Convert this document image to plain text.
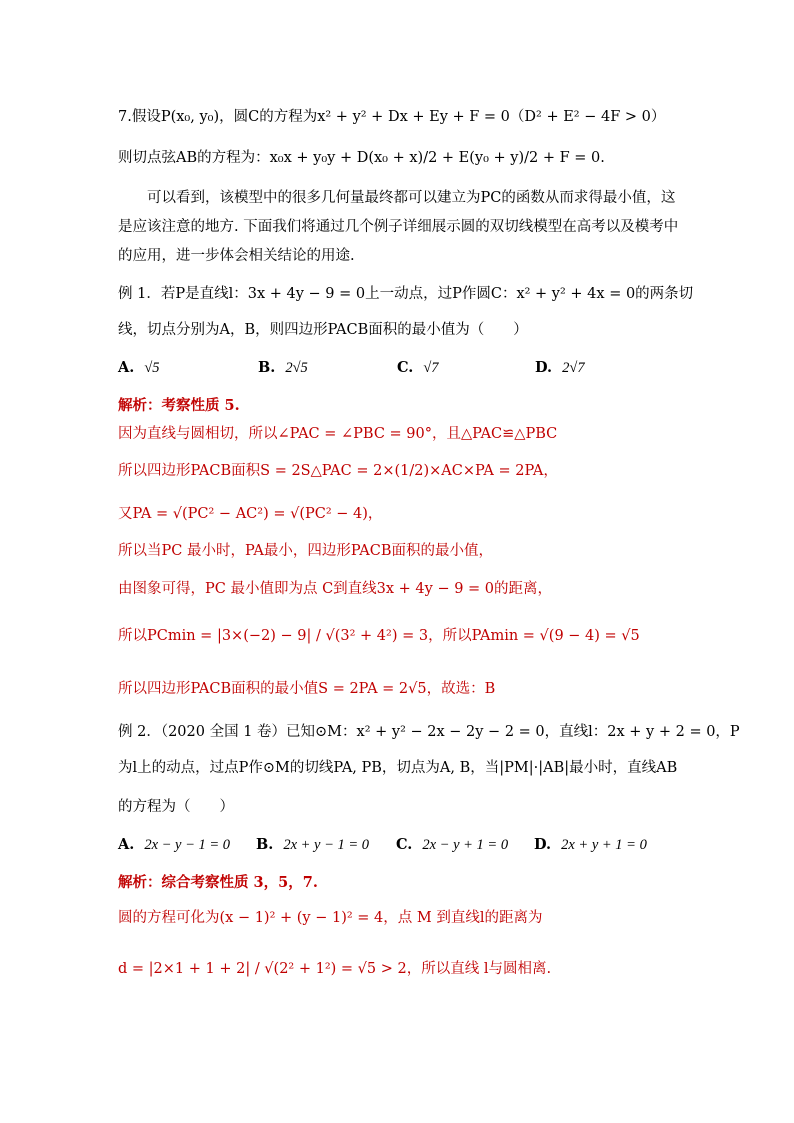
7.假设P(x₀, y₀)，圆C的方程为x² + y² + Dx + Ey + F = 0（D² + E² − 4F > 0）
则切点弦AB的方程为：x₀x + y₀y + D(x₀ + x)/2 + E(y₀ + y)/2 + F = 0.
可以看到，该模型中的很多几何量最终都可以建立为PC的函数从而求得最小值，这是应该注意的地方. 下面我们将通过几个例子详细展示圆的双切线模型在高考以及模考中的应用，进一步体会相关结论的用途.
例 1．若P是直线l：3x + 4y − 9 = 0上一动点，过P作圆C：x² + y² + 4x = 0的两条切
线，切点分别为A，B，则四边形PACB面积的最小值为（　　）
A. √5	B. 2√5	C. √7	D. 2√7
解析：考察性质 5.
因为直线与圆相切，所以∠PAC = ∠PBC = 90°，且△PAC≌△PBC
所以四边形PACB面积S = 2S△PAC = 2×(1/2)×AC×PA = 2PA，
又PA = √(PC² − AC²) = √(PC² − 4)，
所以当PC 最小时，PA最小，四边形PACB面积的最小值，
由图象可得，PC 最小值即为点 C到直线3x + 4y − 9 = 0的距离，
所以PCmin = |3×(−2) − 9| / √(3² + 4²) = 3，所以PAmin = √(9 − 4) = √5
所以四边形PACB面积的最小值S = 2PA = 2√5，故选：B
例 2．（2020 全国 1 卷）已知⊙M：x² + y² − 2x − 2y − 2 = 0，直线l：2x + y + 2 = 0，P
为l上的动点，过点P作⊙M的切线PA, PB，切点为A, B，当|PM|·|AB|最小时，直线AB
的方程为（　　）
A. 2x − y − 1 = 0 B. 2x + y − 1 = 0 C. 2x − y + 1 = 0 D. 2x + y + 1 = 0
解析：综合考察性质 3，5，7.
圆的方程可化为(x − 1)² + (y − 1)² = 4，点 M 到直线l的距离为
d = |2×1 + 1 + 2| / √(2² + 1²) = √5 > 2，所以直线 l与圆相离.
